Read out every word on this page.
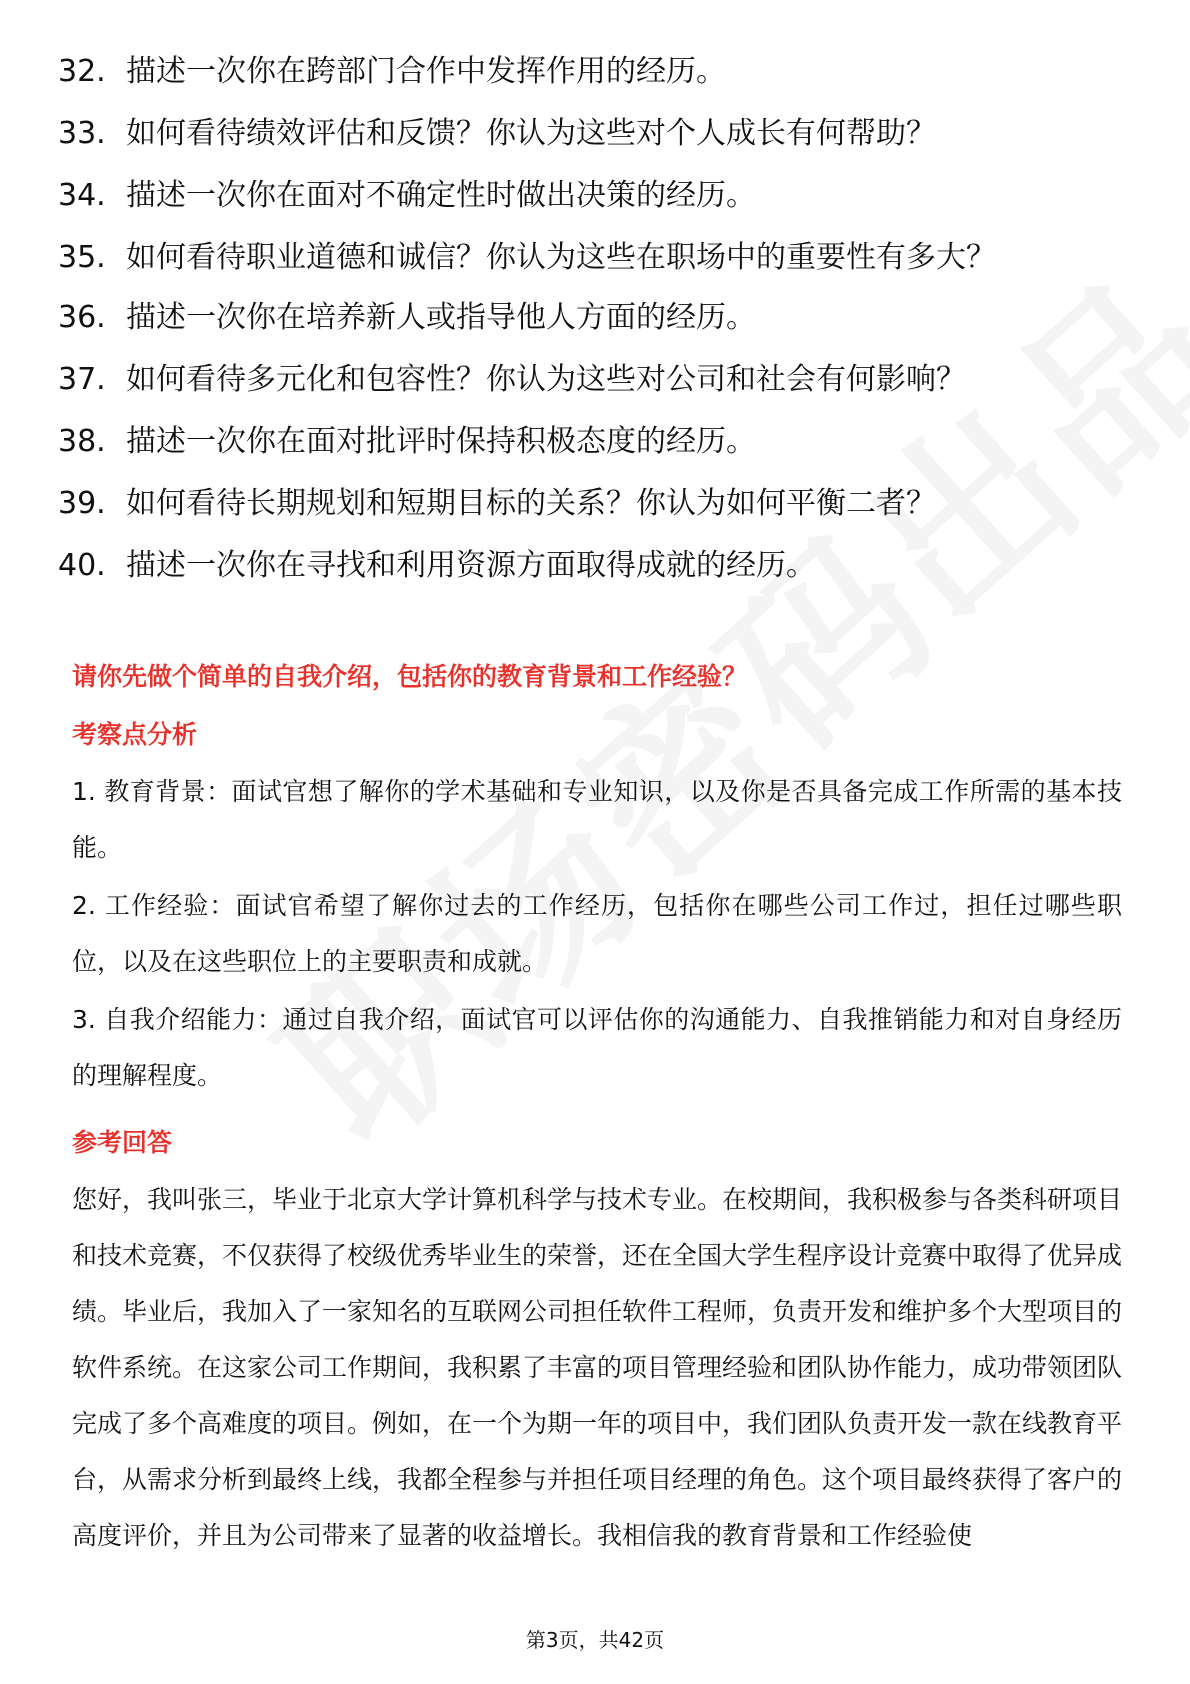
32. 描述一次你在跨部门合作中发挥作用的经历。
33. 如何看待绩效评估和反馈？你认为这些对个人成长有何帮助？
34. 描述一次你在面对不确定性时做出决策的经历。
35. 如何看待职业道德和诚信？你认为这些在职场中的重要性有多大？
36. 描述一次你在培养新人或指导他人方面的经历。
37. 如何看待多元化和包容性？你认为这些对公司和社会有何影响？
38. 描述一次你在面对批评时保持积极态度的经历。
39. 如何看待长期规划和短期目标的关系？你认为如何平衡二者？
40. 描述一次你在寻找和利用资源方面取得成就的经历。

请你先做个简单的自我介绍，包括你的教育背景和工作经验？

考察点分析

1. 教育背景：面试官想了解你的学术基础和专业知识，以及你是否具备完成工作所需的基本技能。

2. 工作经验：面试官希望了解你过去的工作经历，包括你在哪些公司工作过，担任过哪些职位，以及在这些职位上的主要职责和成就。

3. 自我介绍能力：通过自我介绍，面试官可以评估你的沟通能力、自我推销能力和对自身经历的理解程度。

参考回答

您好，我叫张三，毕业于北京大学计算机科学与技术专业。在校期间，我积极参与各类科研项目和技术竞赛，不仅获得了校级优秀毕业生的荣誉，还在全国大学生程序设计竞赛中取得了优异成绩。毕业后，我加入了一家知名的互联网公司担任软件工程师，负责开发和维护多个大型项目的软件系统。在这家公司工作期间，我积累了丰富的项目管理经验和团队协作能力，成功带领团队完成了多个高难度的项目。例如，在一个为期一年的项目中，我们团队负责开发一款在线教育平台，从需求分析到最终上线，我都全程参与并担任项目经理的角色。这个项目最终获得了客户的高度评价，并且为公司带来了显著的收益增长。我相信我的教育背景和工作经验使

第3页，共42页
